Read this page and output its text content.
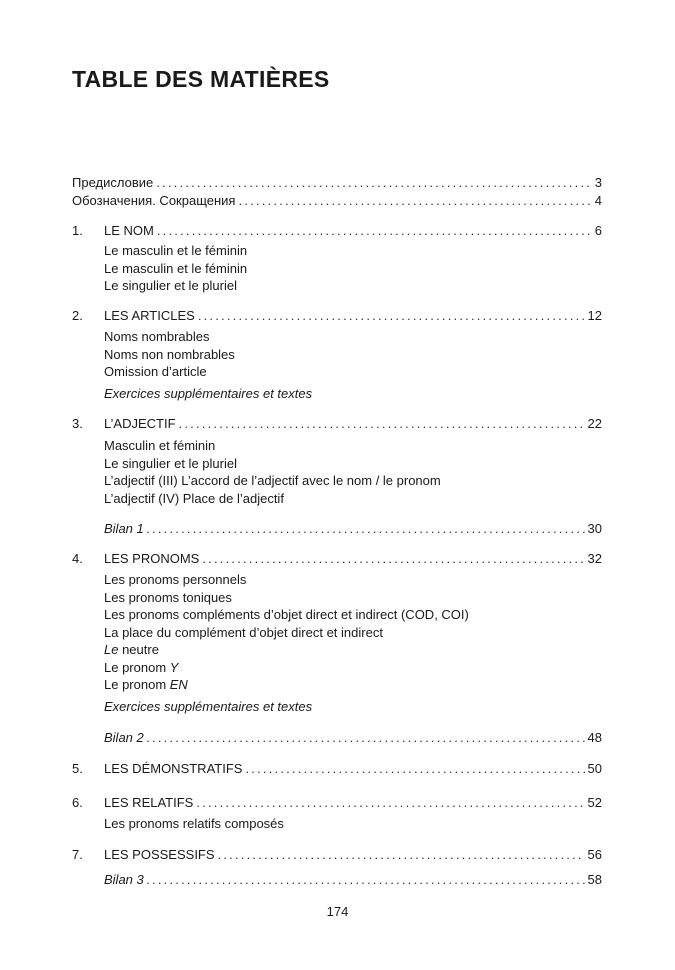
TABLE DES MATIÈRES
Предисловие .....	3
Обозначения. Сокращения .....	4
1.	LE NOM .....	6
Le masculin et le féminin
Le masculin et le féminin
Le singulier et le pluriel
2.	LES ARTICLES .....	12
Noms nombrables
Noms non nombrables
Omission d’article
Exercices supplémentaires et textes
3.	L’ADJECTIF .....	22
Masculin et féminin
Le singulier et le pluriel
L’adjectif (III) L’accord de l’adjectif avec le nom / le pronom
L’adjectif (IV) Place de l’adjectif
Bilan 1 .....	30
4.	LES PRONOMS .....	32
Les pronoms personnels
Les pronoms toniques
Les pronoms compléments d’objet direct et indirect (COD, COI)
La place du complément d’objet direct et indirect
Le neutre
Le pronom Y
Le pronom EN
Exercices supplémentaires et textes
Bilan 2 .....	48
5.	LES DÉMONSTRATIFS .....	50
6.	LES RELATIFS .....	52
Les pronoms relatifs composés
7.	LES POSSESSIFS .....	56
Bilan 3 .....	58
174
